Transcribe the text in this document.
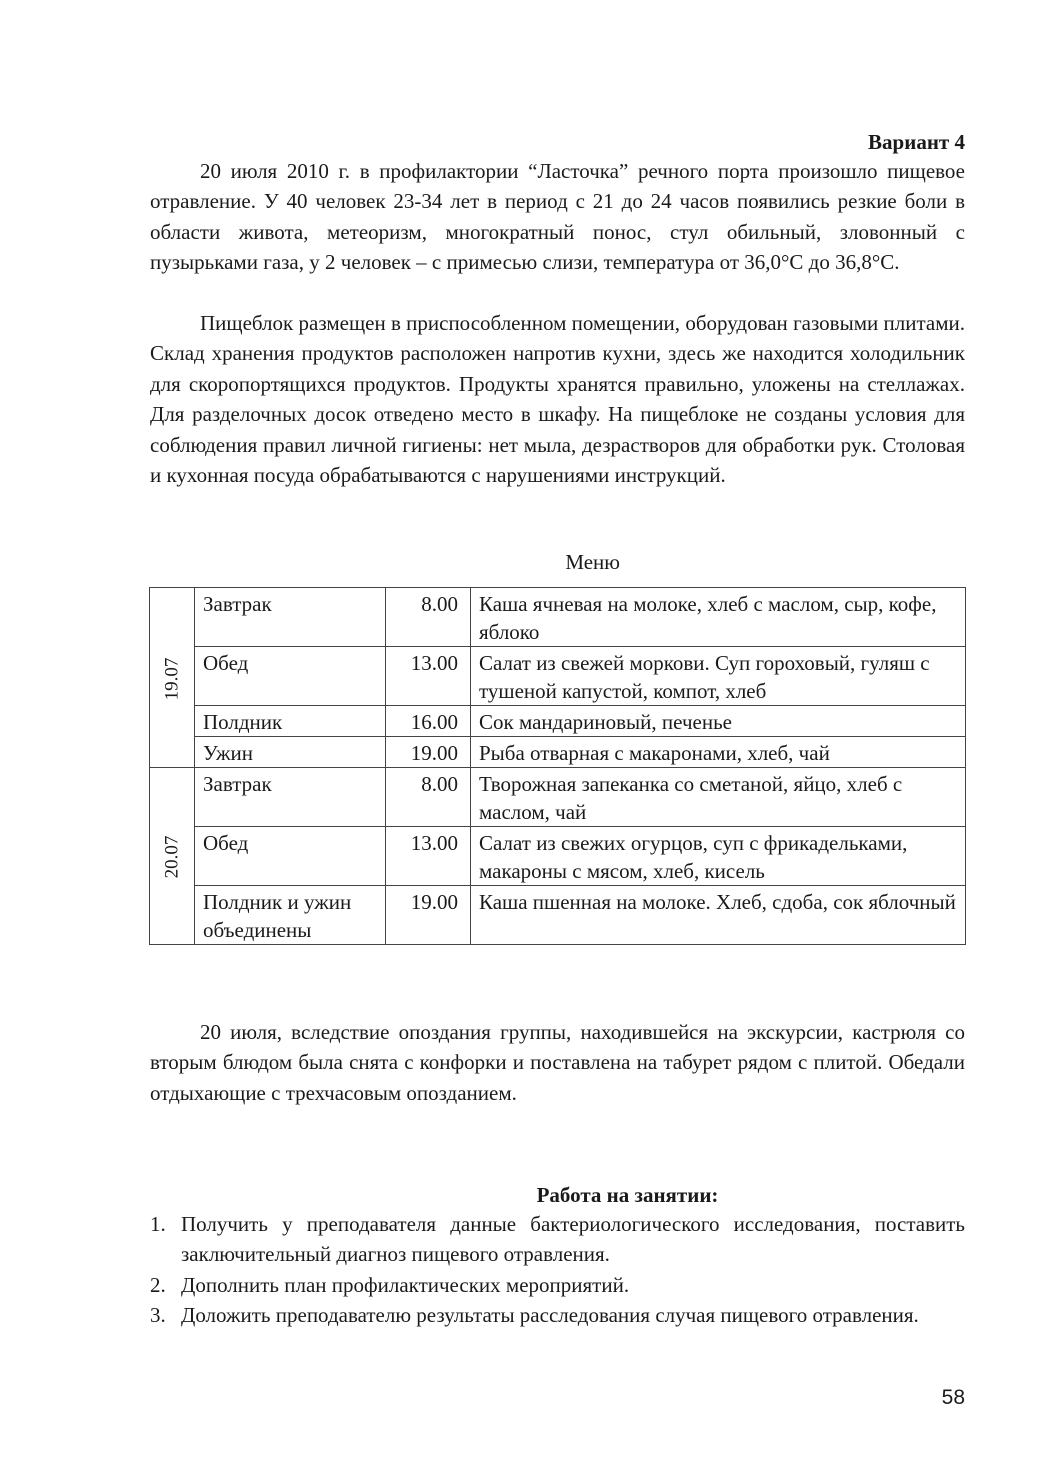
Вариант 4

20 июля 2010 г. в профилактории “Ласточка” речного порта произошло пищевое отравление. У 40 человек 23-34 лет в период с 21 до 24 часов появились резкие боли в области живота, метеоризм, многократный понос, стул обильный, зловонный с пузырьками газа, у 2 человек – с примесью слизи, температура от 36,0°С до 36,8°С.

Пищеблок размещен в приспособленном помещении, оборудован газовыми плитами. Склад хранения продуктов расположен напротив кухни, здесь же находится холодильник для скоропортящихся продуктов. Продукты хранятся правильно, уложены на стеллажах. Для разделочных досок отведено место в шкафу. На пищеблоке не созданы условия для соблюдения правил личной гигиены: нет мыла, дезрастворов для обработки рук. Столовая и кухонная посуда обрабатываются с нарушениями инструкций.

Меню
19.07	Завтрак	8.00	Каша ячневая на молоке, хлеб с маслом, сыр, кофе, яблоко
	Обед	13.00	Салат из свежей моркови. Суп гороховый, гуляш с тушеной капустой, компот, хлеб
	Полдник	16.00	Сок мандариновый, печенье
	Ужин	19.00	Рыба отварная с макаронами, хлеб, чай
20.07	Завтрак	8.00	Творожная запеканка со сметаной, яйцо, хлеб с маслом, чай
	Обед	13.00	Салат из свежих огурцов, суп с фрикадельками, макароны с мясом, хлеб, кисель
	Полдник и ужин объединены	19.00	Каша пшенная на молоке. Хлеб, сдоба, сок яблочный

20 июля, вследствие опоздания группы, находившейся на экскурсии, кастрюля со вторым блюдом была снята с конфорки и поставлена на табурет рядом с плитой. Обедали отдыхающие с трехчасовым опозданием.

Работа на занятии:
1. Получить у преподавателя данные бактериологического исследования, поставить заключительный диагноз пищевого отравления.
2. Дополнить план профилактических мероприятий.
3. Доложить преподавателю результаты расследования случая пищевого отравления.
58
